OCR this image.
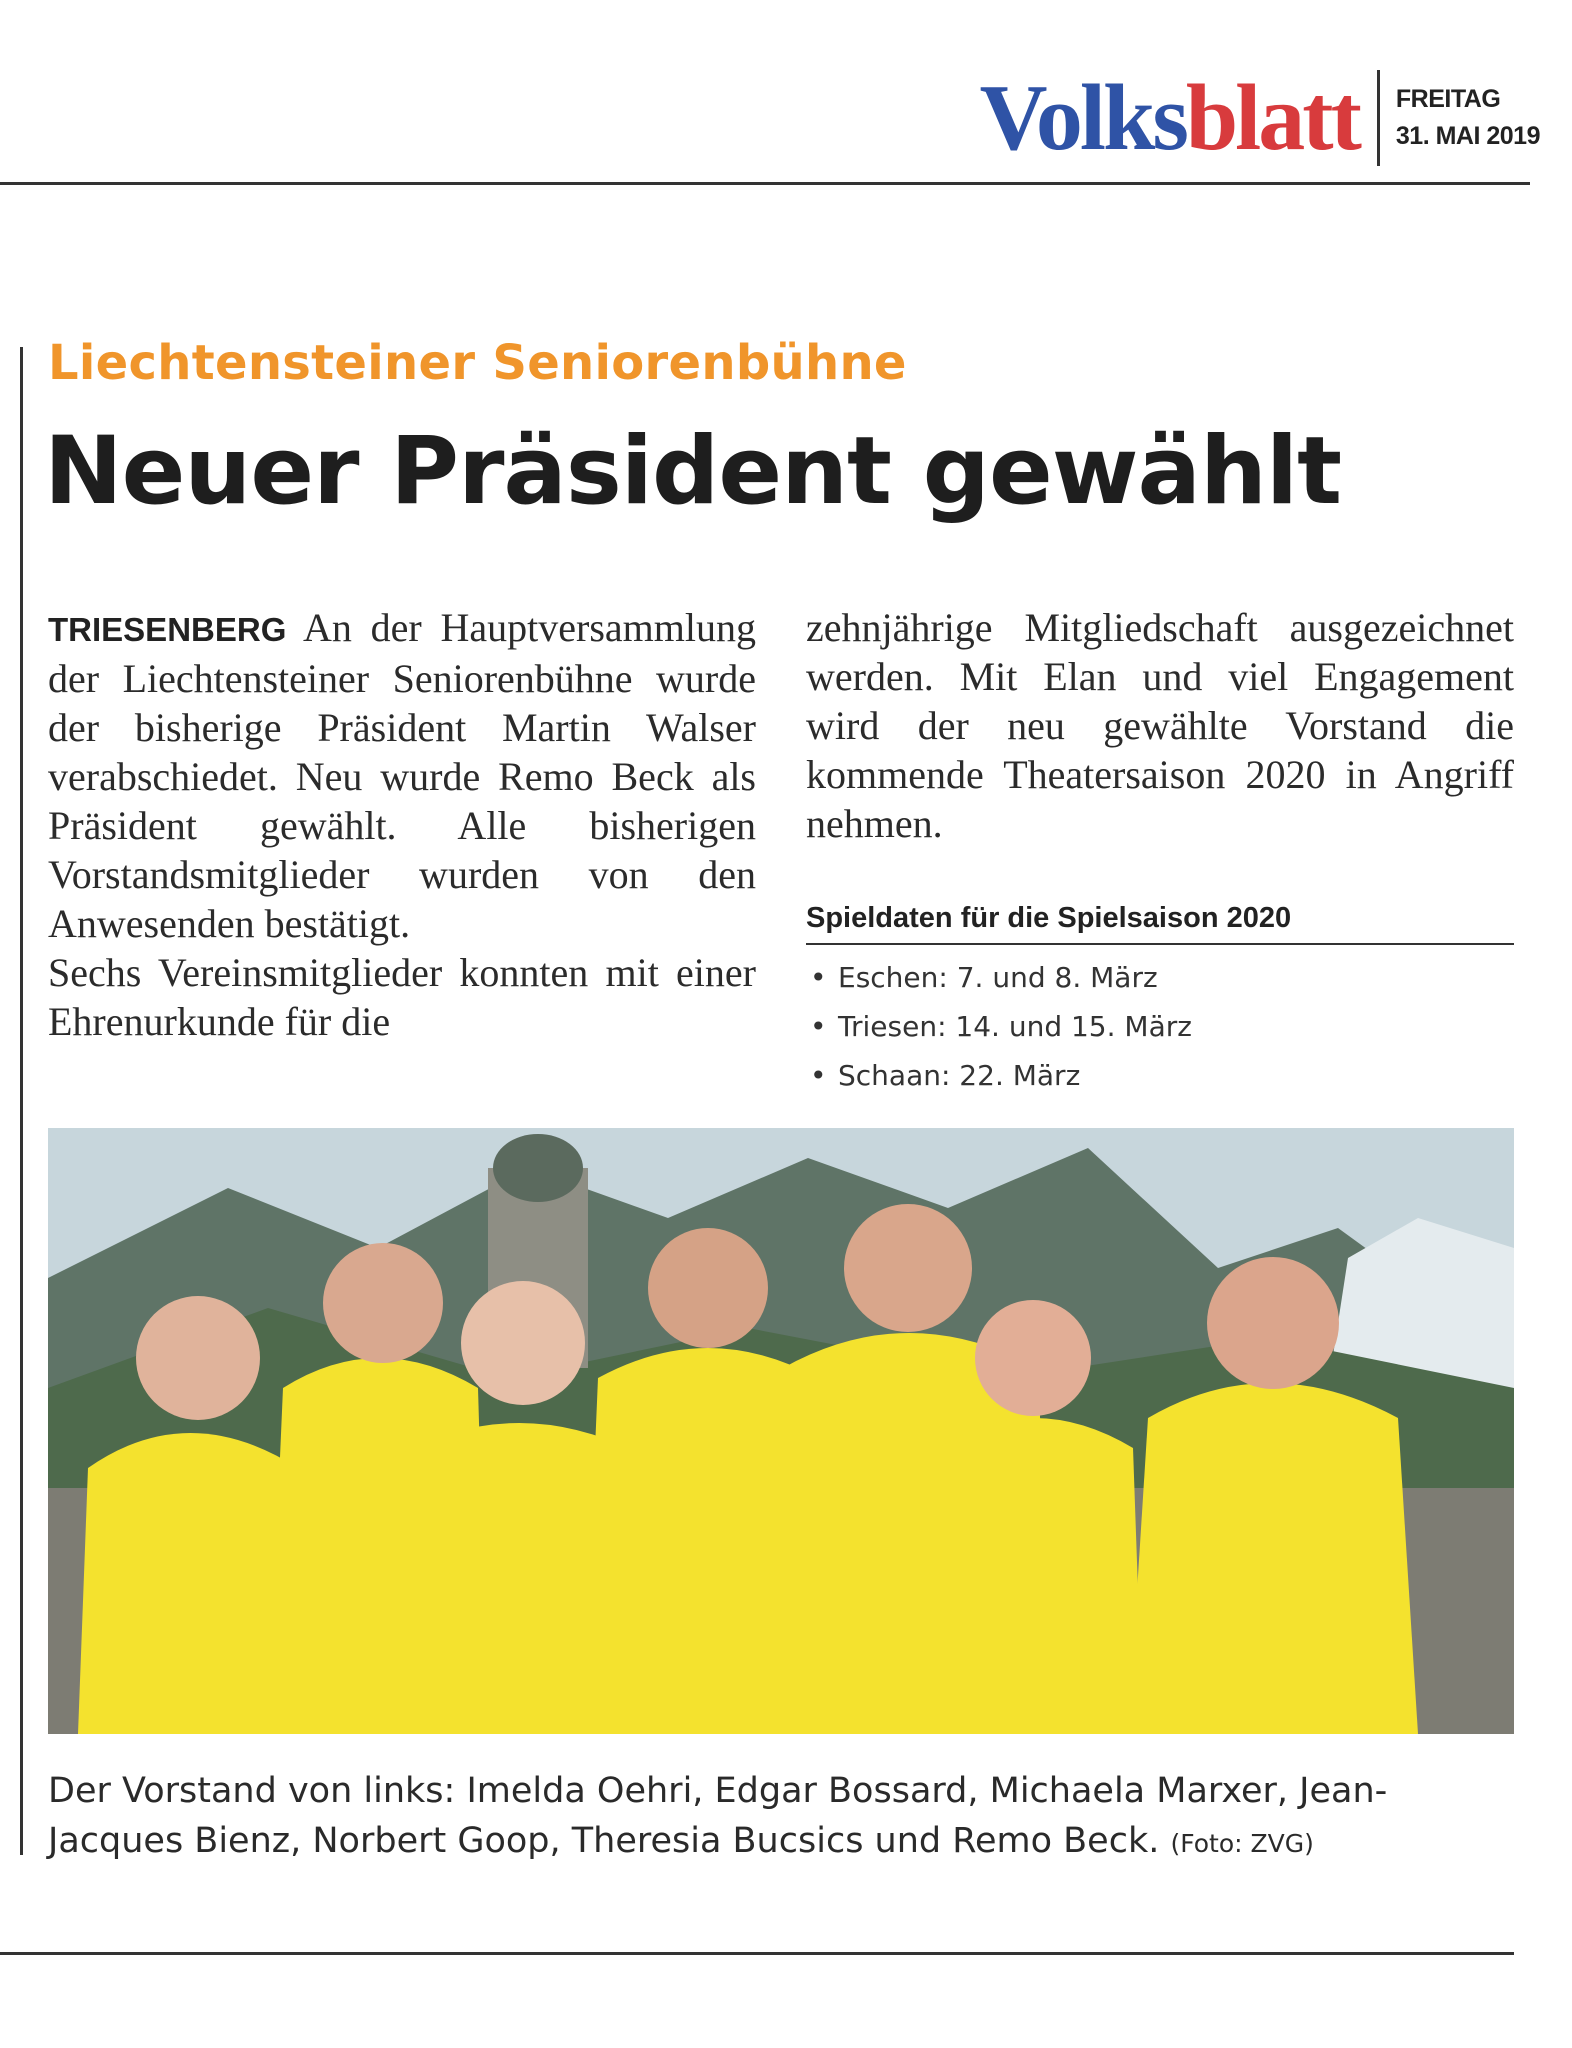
Volksblatt FREITAG
31. MAI 2019
Liechtensteiner Seniorenbühne
Neuer Präsident gewählt

TRIESENBERG An der Hauptversammlung der Liechtensteiner Seniorenbühne wurde der bisherige Präsident Martin Walser verabschiedet. Neu wurde Remo Beck als Präsident gewählt. Alle bisherigen Vorstandsmitglieder wurden von den Anwesenden bestätigt.

Sechs Vereinsmitglieder konnten mit einer Ehrenurkunde für die

zehnjährige Mitgliedschaft ausgezeichnet werden. Mit Elan und viel Engagement wird der neu gewählte Vorstand die kommende Theatersaison 2020 in Angriff nehmen.

Spieldaten für die Spielsaison 2020
• Eschen: 7. und 8. März
• Triesen: 14. und 15. März
• Schaan: 22. März
Der Vorstand von links: Imelda Oehri, Edgar Bossard, Michaela Marxer, Jean-Jacques Bienz, Norbert Goop, Theresia Bucsics und Remo Beck. (Foto: ZVG)
